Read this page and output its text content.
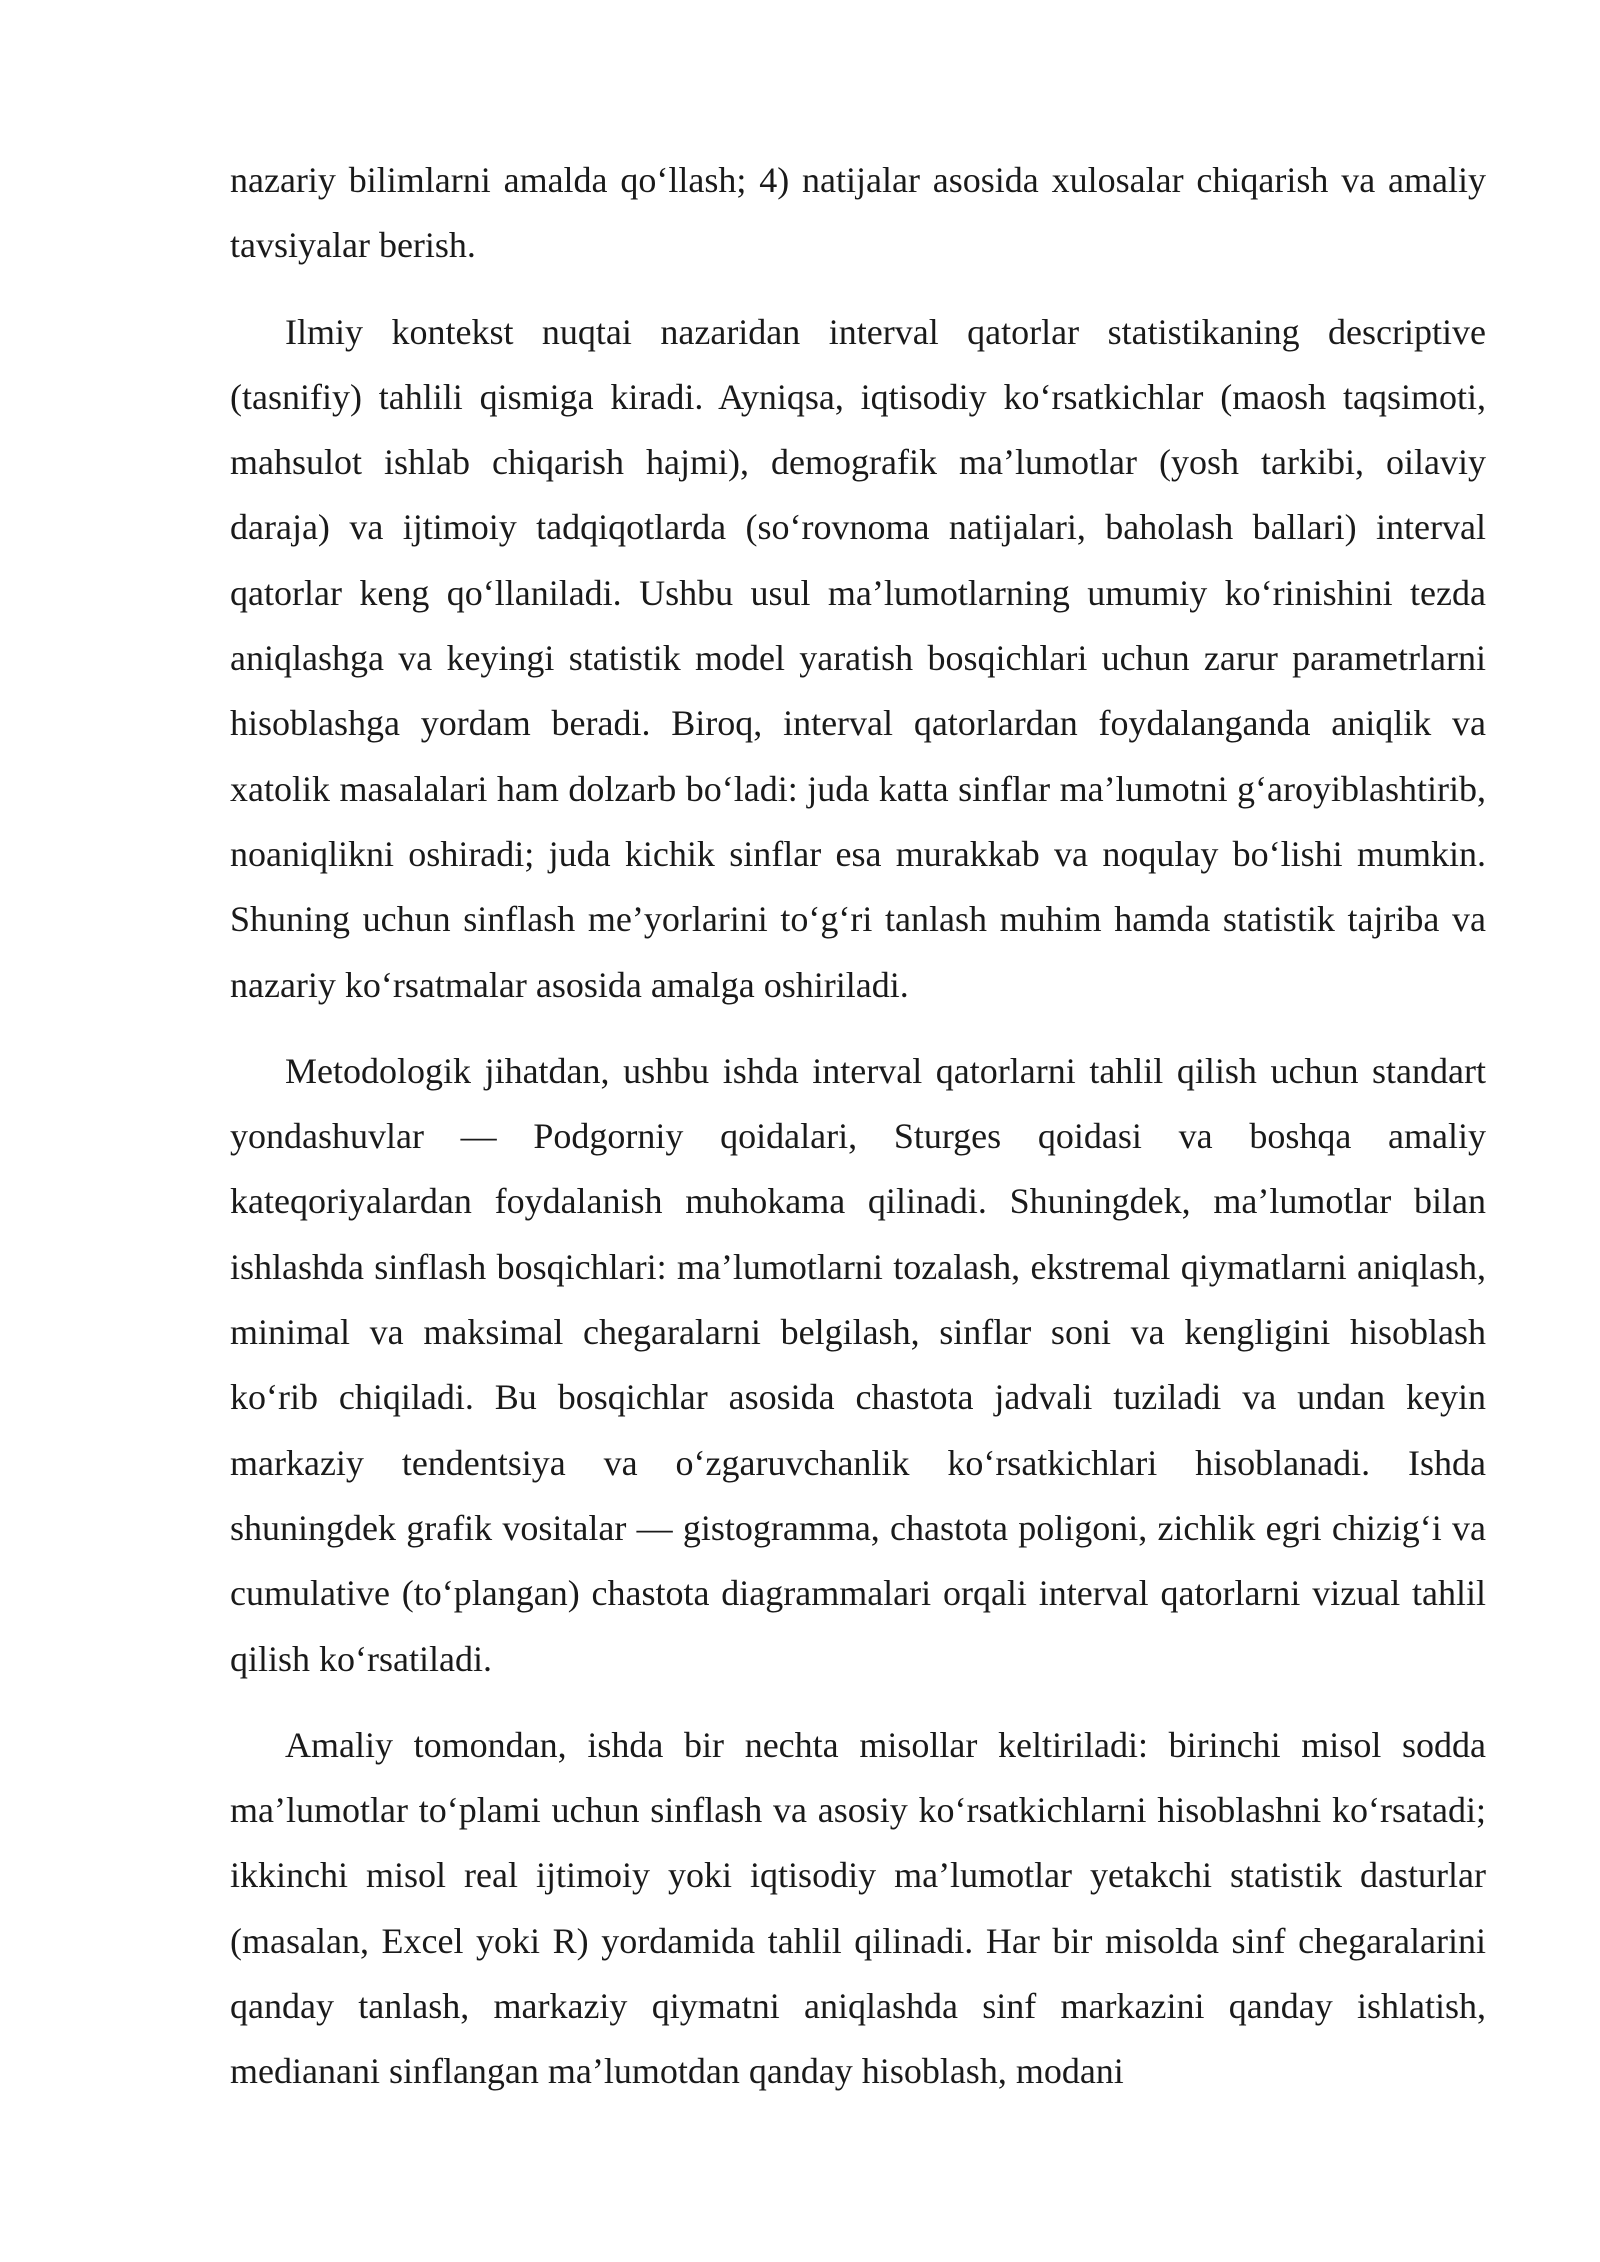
nazariy bilimlarni amalda qo‘llash; 4) natijalar asosida xulosalar chiqarish va amaliy tavsiyalar berish.

Ilmiy kontekst nuqtai nazaridan interval qatorlar statistikaning descriptive (tasnifiy) tahlili qismiga kiradi. Ayniqsa, iqtisodiy ko‘rsatkichlar (maosh taqsimoti, mahsulot ishlab chiqarish hajmi), demografik ma’lumotlar (yosh tarkibi, oilaviy daraja) va ijtimoiy tadqiqotlarda (so‘rovnoma natijalari, baholash ballari) interval qatorlar keng qo‘llaniladi. Ushbu usul ma’lumotlarning umumiy ko‘rinishini tezda aniqlashga va keyingi statistik model yaratish bosqichlari uchun zarur parametrlarni hisoblashga yordam beradi. Biroq, interval qatorlardan foydalanganda aniqlik va xatolik masalalari ham dolzarb bo‘ladi: juda katta sinflar ma’lumotni g‘aroyiblashtirib, noaniqlikni oshiradi; juda kichik sinflar esa murakkab va noqulay bo‘lishi mumkin. Shuning uchun sinflash me’yorlarini to‘g‘ri tanlash muhim hamda statistik tajriba va nazariy ko‘rsatmalar asosida amalga oshiriladi.

Metodologik jihatdan, ushbu ishda interval qatorlarni tahlil qilish uchun standart yondashuvlar — Podgorniy qoidalari, Sturges qoidasi va boshqa amaliy kateqoriyalardan foydalanish muhokama qilinadi. Shuningdek, ma’lumotlar bilan ishlashda sinflash bosqichlari: ma’lumotlarni tozalash, ekstremal qiymatlarni aniqlash, minimal va maksimal chegaralarni belgilash, sinflar soni va kengligini hisoblash ko‘rib chiqiladi. Bu bosqichlar asosida chastota jadvali tuziladi va undan keyin markaziy tendentsiya va o‘zgaruvchanlik ko‘rsatkichlari hisoblanadi. Ishda shuningdek grafik vositalar — gistogramma, chastota poligoni, zichlik egri chizig‘i va cumulative (to‘plangan) chastota diagrammalari orqali interval qatorlarni vizual tahlil qilish ko‘rsatiladi.

Amaliy tomondan, ishda bir nechta misollar keltiriladi: birinchi misol sodda ma’lumotlar to‘plami uchun sinflash va asosiy ko‘rsatkichlarni hisoblashni ko‘rsatadi; ikkinchi misol real ijtimoiy yoki iqtisodiy ma’lumotlar yetakchi statistik dasturlar (masalan, Excel yoki R) yordamida tahlil qilinadi. Har bir misolda sinf chegaralarini qanday tanlash, markaziy qiymatni aniqlashda sinf markazini qanday ishlatish, medianani sinflangan ma’lumotdan qanday hisoblash, modani
